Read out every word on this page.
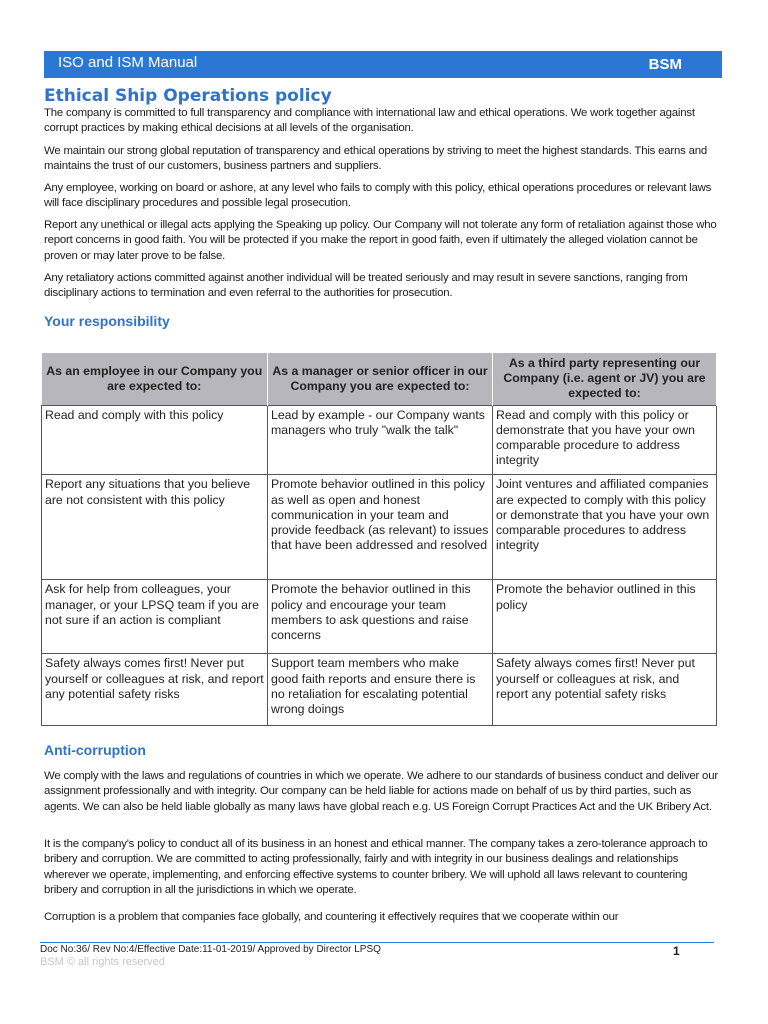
ISO and ISM Manual	BSM
Ethical Ship Operations policy

The company is committed to full transparency and compliance with international law and ethical operations. We work together against corrupt practices by making ethical decisions at all levels of the organisation.

We maintain our strong global reputation of transparency and ethical operations by striving to meet the highest standards. This earns and maintains the trust of our customers, business partners and suppliers.

Any employee, working on board or ashore, at any level who fails to comply with this policy, ethical operations procedures or relevant laws will face disciplinary procedures and possible legal prosecution.

Report any unethical or illegal acts applying the Speaking up policy. Our Company will not tolerate any form of retaliation against those who report concerns in good faith. You will be protected if you make the report in good faith, even if ultimately the alleged violation cannot be proven or may later prove to be false.

Any retaliatory actions committed against another individual will be treated seriously and may result in severe sanctions, ranging from disciplinary actions to termination and even referral to the authorities for prosecution.

Your responsibility
As an employee in our Company you are expected to:	As a manager or senior officer in our Company you are expected to:	As a third party representing our Company (i.e. agent or JV) you are expected to:
Read and comply with this policy	Lead by example - our Company wants managers who truly "walk the talk"	Read and comply with this policy or demonstrate that you have your own comparable procedure to address integrity
Report any situations that you believe are not consistent with this policy	Promote behavior outlined in this policy as well as open and honest communication in your team and provide feedback (as relevant) to issues that have been addressed and resolved	Joint ventures and affiliated companies are expected to comply with this policy or demonstrate that you have your own comparable procedures to address integrity
Ask for help from colleagues, your manager, or your LPSQ team if you are not sure if an action is compliant	Promote the behavior outlined in this policy and encourage your team members to ask questions and raise concerns	Promote the behavior outlined in this policy
Safety always comes first! Never put yourself or colleagues at risk, and report any potential safety risks	Support team members who make good faith reports and ensure there is no retaliation for escalating potential wrong doings	Safety always comes first! Never put yourself or colleagues at risk, and report any potential safety risks
Anti-corruption

We comply with the laws and regulations of countries in which we operate. We adhere to our standards of business conduct and deliver our assignment professionally and with integrity. Our company can be held liable for actions made on behalf of us by third parties, such as agents. We can also be held liable globally as many laws have global reach e.g. US Foreign Corrupt Practices Act and the UK Bribery Act.

It is the company's policy to conduct all of its business in an honest and ethical manner. The company takes a zero-tolerance approach to bribery and corruption. We are committed to acting professionally, fairly and with integrity in our business dealings and relationships wherever we operate, implementing, and enforcing effective systems to counter bribery. We will uphold all laws relevant to countering bribery and corruption in all the jurisdictions in which we operate.

Corruption is a problem that companies face globally, and countering it effectively requires that we cooperate within our

Doc No:36/ Rev No:4/Effective Date:11-01-2019/ Approved by Director LPSQ	1
BSM © all rights reserved
